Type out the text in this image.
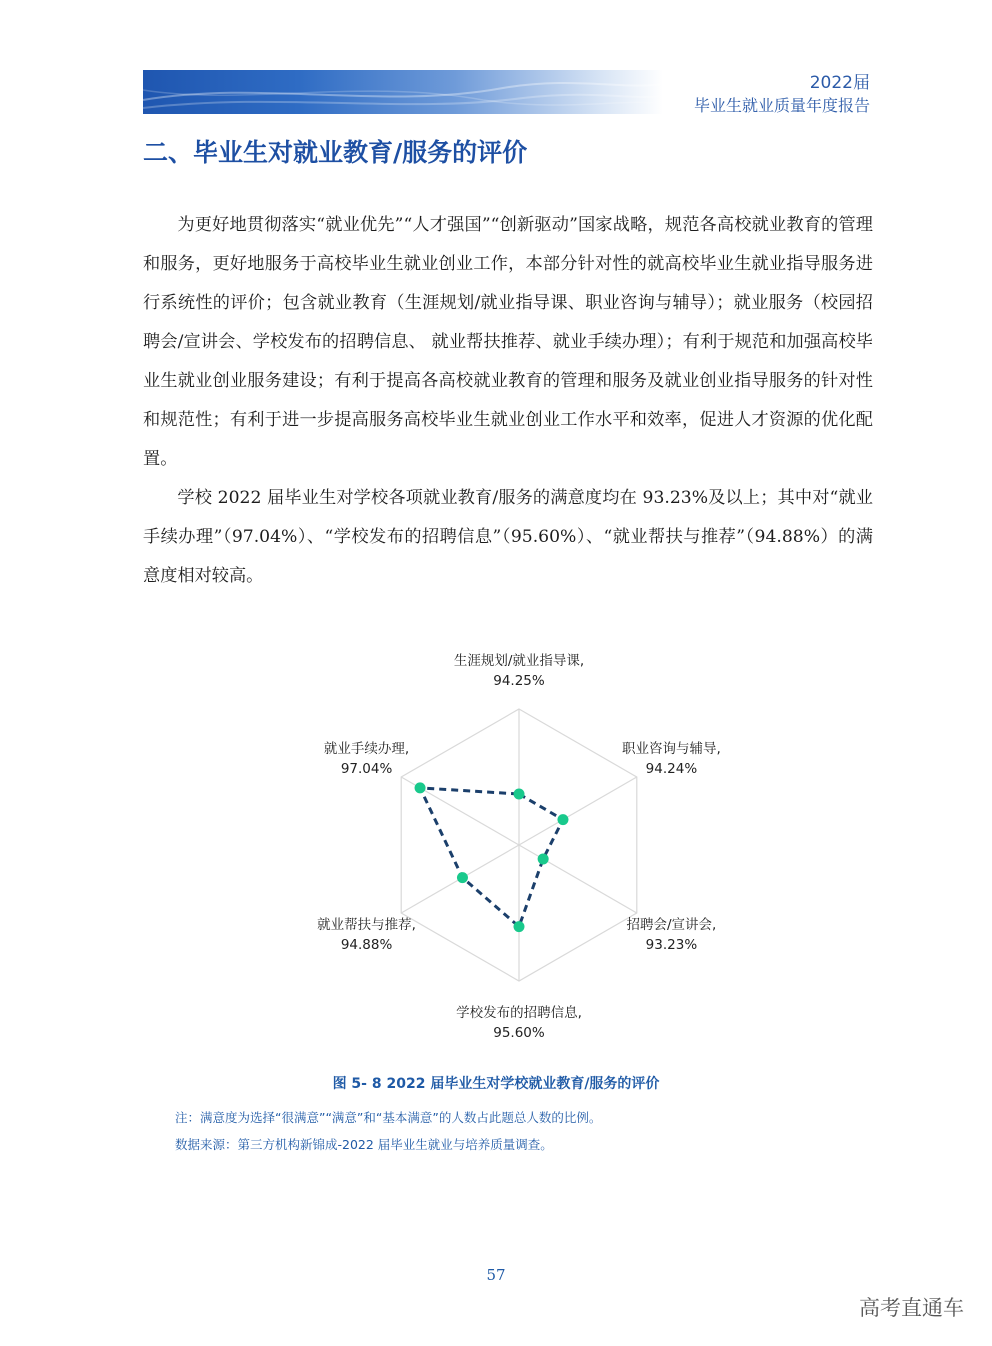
2022届
毕业生就业质量年度报告
二、毕业生对就业教育/服务的评价

为更好地贯彻落实“就业优先”“人才强国”“创新驱动”国家战略，规范各高校就业教育的管理和服务，更好地服务于高校毕业生就业创业工作，本部分针对性的就高校毕业生就业指导服务进行系统性的评价；包含就业教育（生涯规划/就业指导课、职业咨询与辅导）；就业服务（校园招聘会/宣讲会、学校发布的招聘信息、 就业帮扶推荐、就业手续办理）；有利于规范和加强高校毕业生就业创业服务建设；有利于提高各高校就业教育的管理和服务及就业创业指导服务的针对性和规范性；有利于进一步提高服务高校毕业生就业创业工作水平和效率，促进人才资源的优化配置。

学校 2022 届毕业生对学校各项就业教育/服务的满意度均在 93.23%及以上；其中对“就业手续办理”（97.04%）、“学校发布的招聘信息”（95.60%）、“就业帮扶与推荐”（94.88%）的满意度相对较高。

生涯规划/就业指导课,
94.25%
职业咨询与辅导,
94.24%
招聘会/宣讲会,
93.23%
学校发布的招聘信息,
95.60%
就业帮扶与推荐,
94.88%
就业手续办理,
97.04%
图 5- 8 2022 届毕业生对学校就业教育/服务的评价
注：满意度为选择“很满意”“满意”和“基本满意”的人数占此题总人数的比例。
数据来源：第三方机构新锦成-2022 届毕业生就业与培养质量调查。
57
高考直通车
